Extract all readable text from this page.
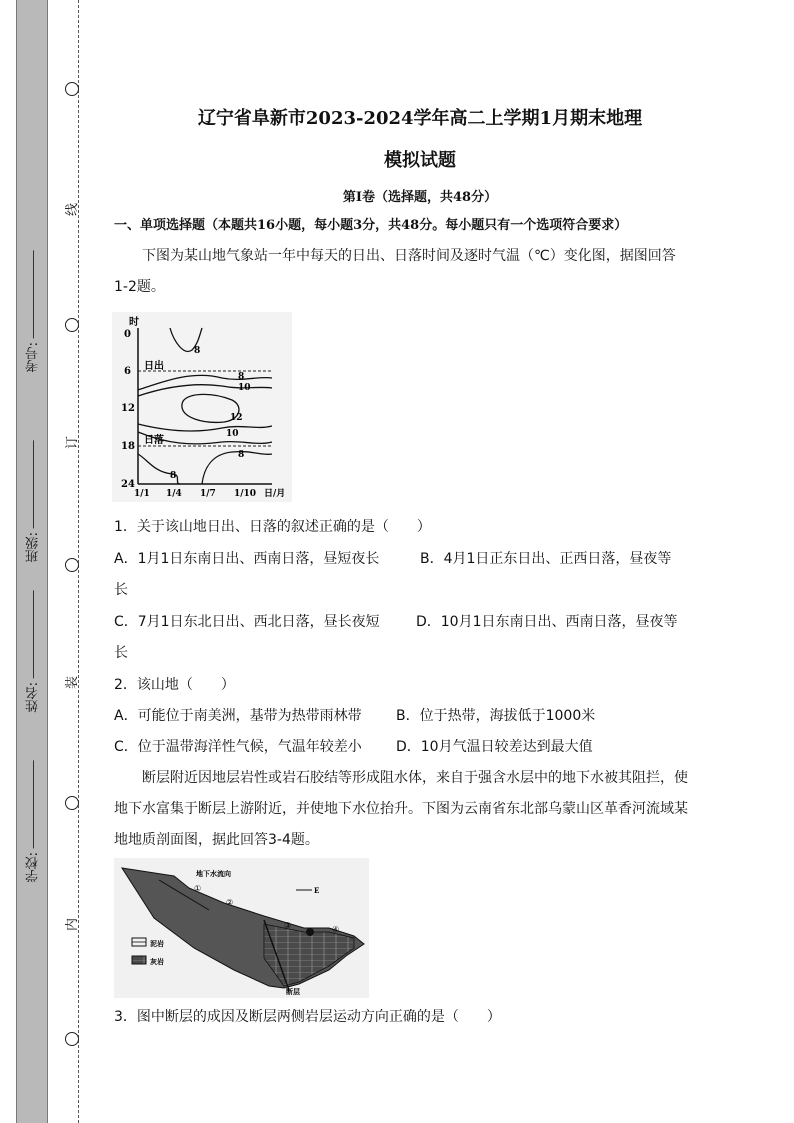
考号:
班级:
姓名:
学校:
线
订
装
内
辽宁省阜新市2023-2024学年高二上学期1月期末地理
模拟试题
第Ⅰ卷（选择题，共48分）
一、单项选择题（本题共16小题，每小题3分，共48分。每小题只有一个选项符合要求）
下图为某山地气象站一年中每天的日出、日落时间及逐时气温（℃）变化图，据图回答1-2题。
时
0
6
12
18
24
日出
日落
8
8
10
12
10
8
8
1/1 1/4 1/7 1/10 日/月
1．关于该山地日出、日落的叙述正确的是（　　）
A．1月1日东南日出、西南日落，昼短夜长	B．4月1日正东日出、正西日落，昼夜等
长
C．7月1日东北日出、西北日落，昼长夜短	D．10月1日东南日出、西南日落，昼夜等
长
2．该山地（　　）
A．可能位于南美洲，基带为热带雨林带 B．位于热带，海拔低于1000米
C．位于温带海洋性气候，气温年较差小 D．10月气温日较差达到最大值
断层附近因地层岩性或岩石胶结等形成阻水体，来自于强含水层中的地下水被其阻拦，使地下水富集于断层上游附近，并使地下水位抬升。下图为云南省东北部乌蒙山区革香河流域某地地质剖面图，据此回答3-4题。
地下水流向
①
②
③	④
E
泥岩
灰岩
断层
3．图中断层的成因及断层两侧岩层运动方向正确的是（　　）
